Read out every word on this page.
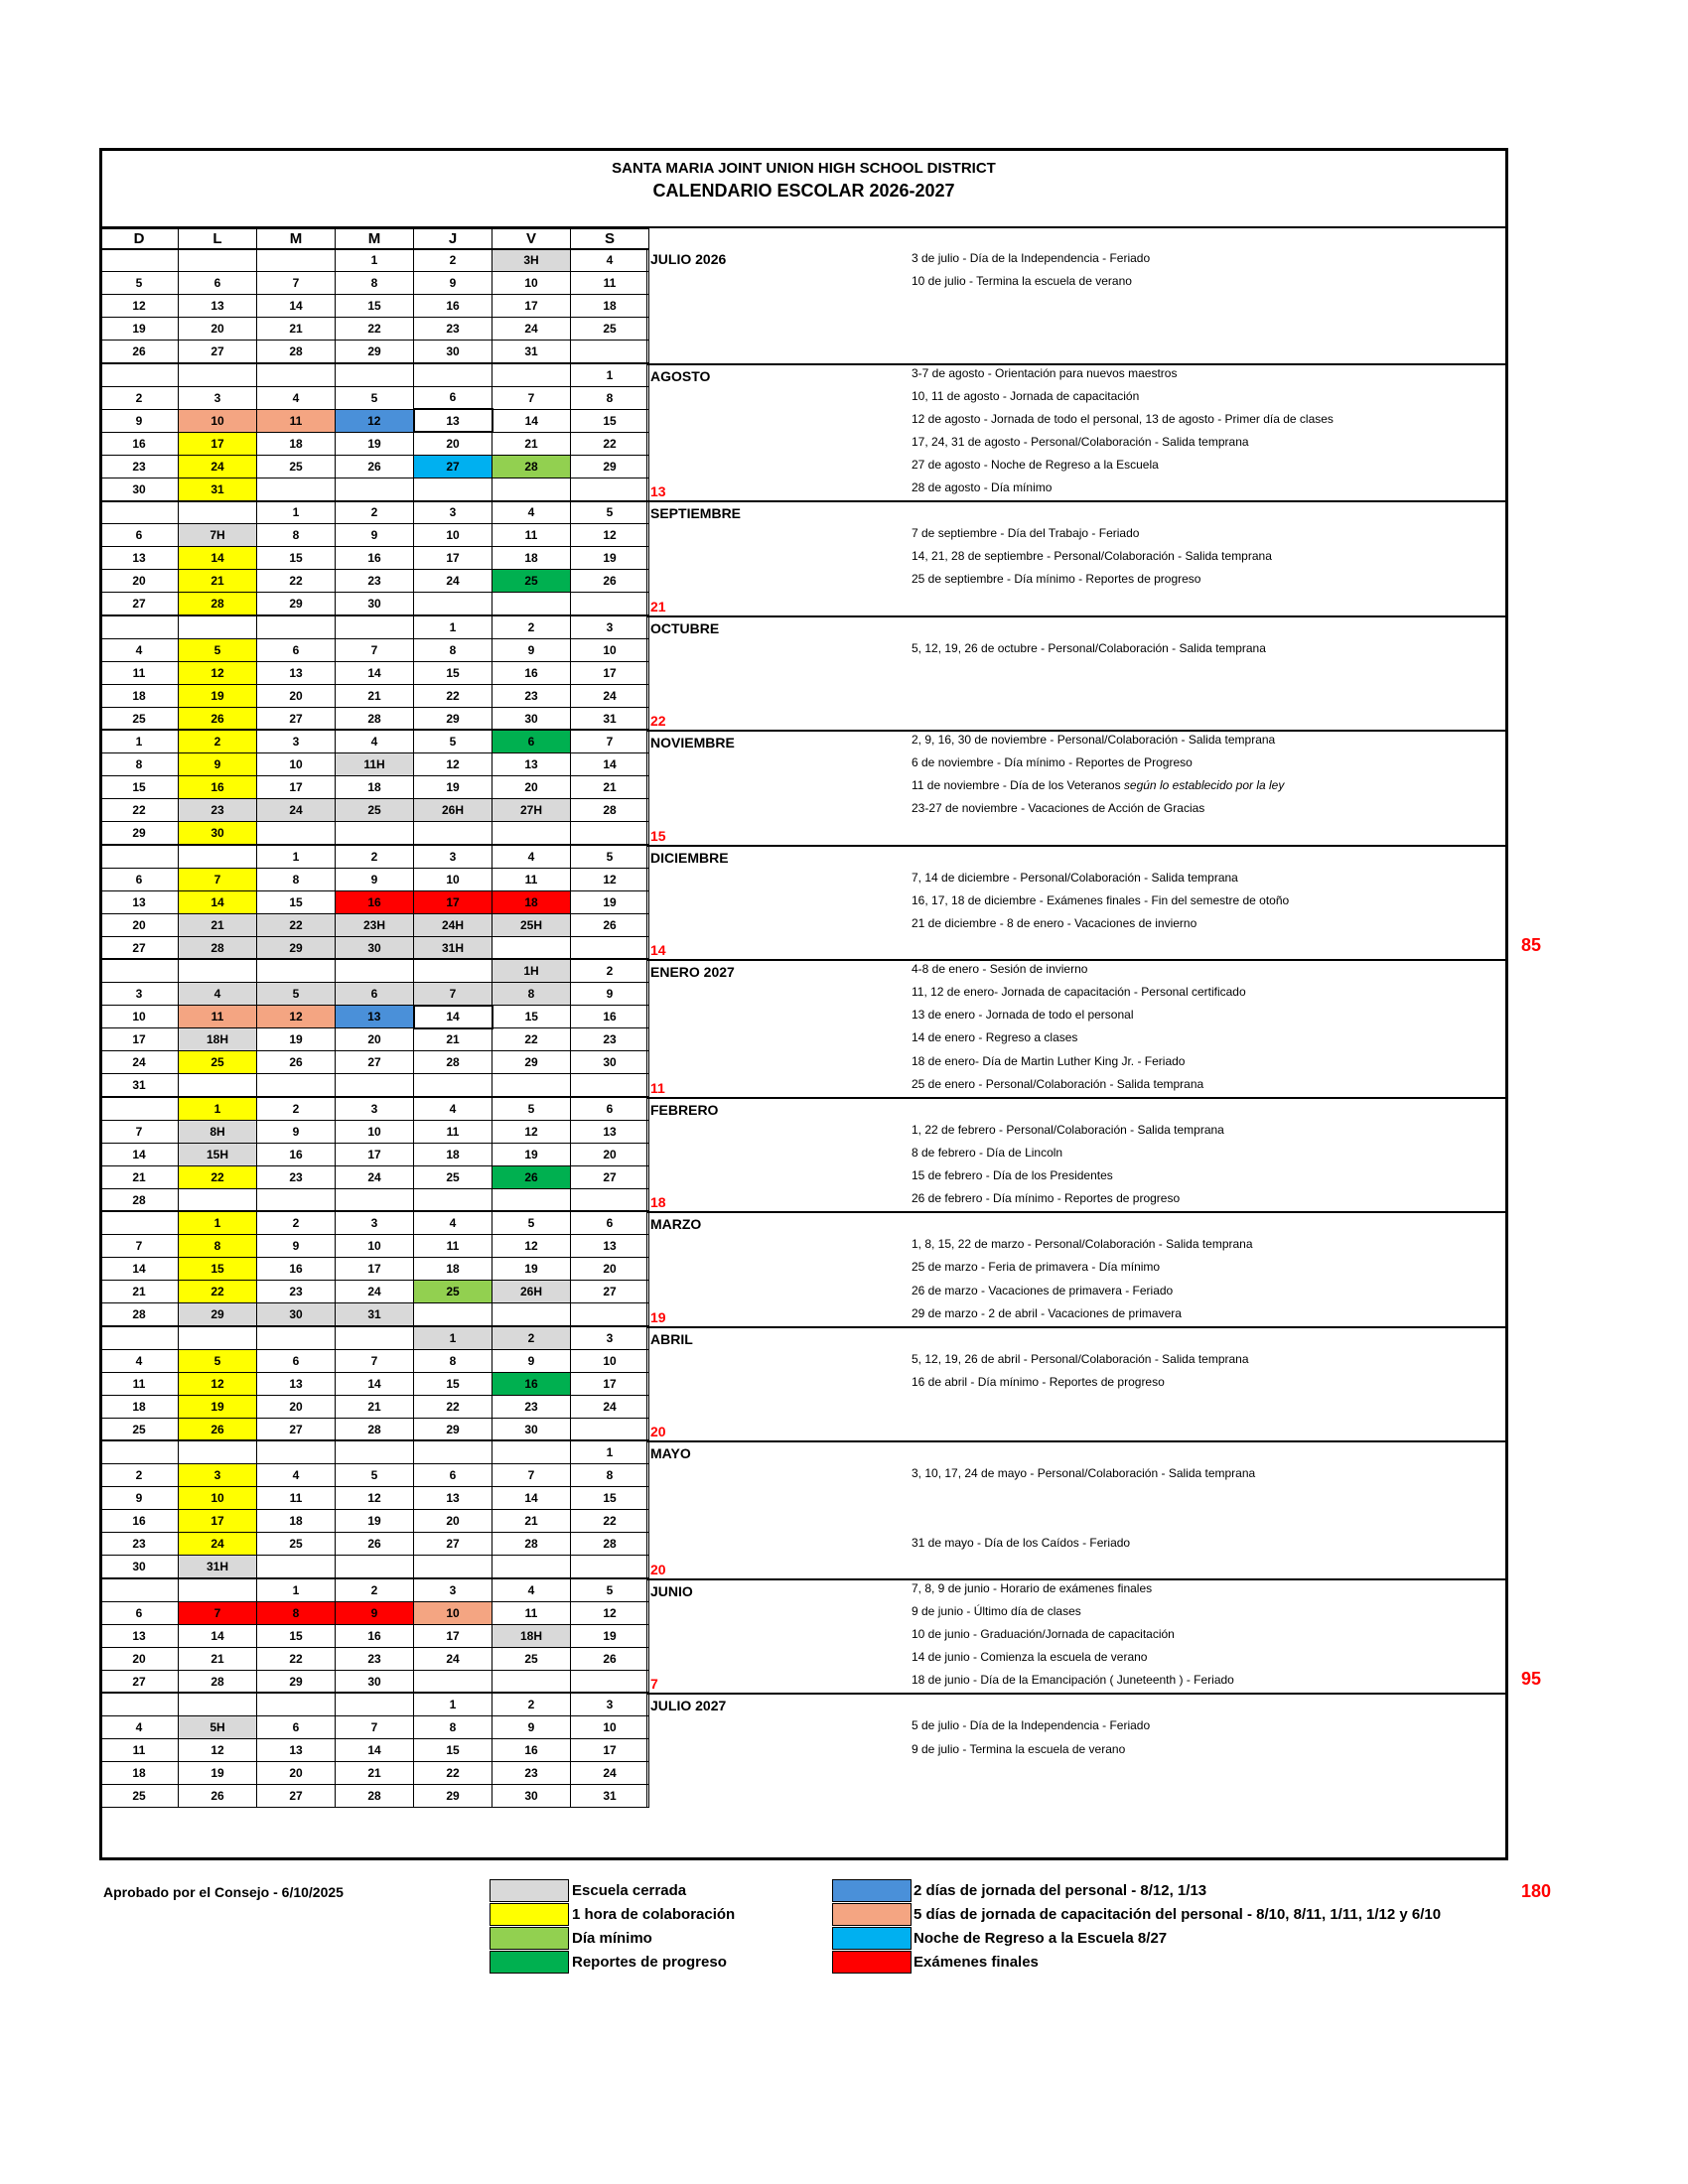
SANTA MARIA JOINT UNION HIGH SCHOOL DISTRICT
CALENDARIO ESCOLAR 2026-2027
D	L	M	M	J	V	S
			1	2	3H	4
5	6	7	8	9	10	11
12	13	14	15	16	17	18
19	20	21	22	23	24	25
26	27	28	29	30	31	
						1
2	3	4	5	6	7	8
9	10	11	12	13	14	15
16	17	18	19	20	21	22
23	24	25	26	27	28	29
30	31					
		1	2	3	4	5
6	7H	8	9	10	11	12
13	14	15	16	17	18	19
20	21	22	23	24	25	26
27	28	29	30			
				1	2	3
4	5	6	7	8	9	10
11	12	13	14	15	16	17
18	19	20	21	22	23	24
25	26	27	28	29	30	31
1	2	3	4	5	6	7
8	9	10	11H	12	13	14
15	16	17	18	19	20	21
22	23	24	25	26H	27H	28
29	30					
		1	2	3	4	5
6	7	8	9	10	11	12
13	14	15	16	17	18	19
20	21	22	23H	24H	25H	26
27	28	29	30	31H		
					1H	2
3	4	5	6	7	8	9
10	11	12	13	14	15	16
17	18H	19	20	21	22	23
24	25	26	27	28	29	30
31						
	1	2	3	4	5	6
7	8H	9	10	11	12	13
14	15H	16	17	18	19	20
21	22	23	24	25	26	27
28						
	1	2	3	4	5	6
7	8	9	10	11	12	13
14	15	16	17	18	19	20
21	22	23	24	25	26H	27
28	29	30	31			
				1	2	3
4	5	6	7	8	9	10
11	12	13	14	15	16	17
18	19	20	21	22	23	24
25	26	27	28	29	30	
						1
2	3	4	5	6	7	8
9	10	11	12	13	14	15
16	17	18	19	20	21	22
23	24	25	26	27	28	28
30	31H					
		1	2	3	4	5
6	7	8	9	10	11	12
13	14	15	16	17	18H	19
20	21	22	23	24	25	26
27	28	29	30			
				1	2	3
4	5H	6	7	8	9	10
11	12	13	14	15	16	17
18	19	20	21	22	23	24
25	26	27	28	29	30	31
JULIO 2026
AGOSTO
13
SEPTIEMBRE
21
OCTUBRE
22
NOVIEMBRE
15
DICIEMBRE
14
ENERO 2027
11
FEBRERO
18
MARZO
19
ABRIL
20
MAYO
20
JUNIO
7
JULIO 2027
Aprobado por el Consejo - 6/10/2025
3 de julio - Día de la Independencia - Feriado
10 de julio - Termina la escuela de verano
3-7 de agosto - Orientación para nuevos maestros
10, 11 de agosto - Jornada de capacitación
12 de agosto - Jornada de todo el personal, 13 de agosto - Primer día de clases
17, 24, 31 de agosto - Personal/Colaboración - Salida temprana
27 de agosto - Noche de Regreso a la Escuela
28 de agosto - Día mínimo
7 de septiembre - Día del Trabajo - Feriado
14, 21, 28 de septiembre - Personal/Colaboración - Salida temprana
25 de septiembre - Día mínimo - Reportes de progreso
5, 12, 19, 26 de octubre - Personal/Colaboración - Salida temprana
2, 9, 16, 30 de noviembre - Personal/Colaboración - Salida temprana
6 de noviembre - Día mínimo - Reportes de Progreso
11 de noviembre - Día de los Veteranos según lo establecido por la ley
23-27 de noviembre - Vacaciones de Acción de Gracias
7, 14 de diciembre - Personal/Colaboración - Salida temprana
16, 17, 18 de diciembre - Exámenes finales - Fin del semestre de otoño
21 de diciembre - 8 de enero - Vacaciones de invierno
4-8 de enero - Sesión de invierno
11, 12 de enero- Jornada de capacitación - Personal certificado
13 de enero - Jornada de todo el personal
14 de enero - Regreso a clases
18 de enero- Día de Martin Luther King Jr. - Feriado
25 de enero - Personal/Colaboración - Salida temprana
1, 22 de febrero - Personal/Colaboración - Salida temprana
8 de febrero - Día de Lincoln
15 de febrero - Día de los Presidentes
26 de febrero - Día mínimo - Reportes de progreso
1, 8, 15, 22 de marzo - Personal/Colaboración - Salida temprana
25 de marzo - Feria de primavera - Día mínimo
26 de marzo - Vacaciones de primavera - Feriado
29 de marzo - 2 de abril - Vacaciones de primavera
5, 12, 19, 26 de abril - Personal/Colaboración - Salida temprana
16 de abril - Día mínimo - Reportes de progreso
3, 10, 17, 24 de mayo - Personal/Colaboración - Salida temprana
31 de mayo - Día de los Caídos - Feriado
7, 8, 9 de junio - Horario de exámenes finales
9 de junio - Último día de clases
10 de junio - Graduación/Jornada de capacitación
14 de junio - Comienza la escuela de verano
18 de junio - Día de la Emancipación ( Juneteenth ) - Feriado
5 de julio - Día de la Independencia - Feriado
9 de julio - Termina la escuela de verano
85
95
180
Escuela cerrada
1 hora de colaboración
Día mínimo
Reportes de progreso
2 días de jornada del personal - 8/12, 1/13
5 días de jornada de capacitación del personal - 8/10, 8/11, 1/11, 1/12 y 6/10
Noche de Regreso a la Escuela 8/27
Exámenes finales
